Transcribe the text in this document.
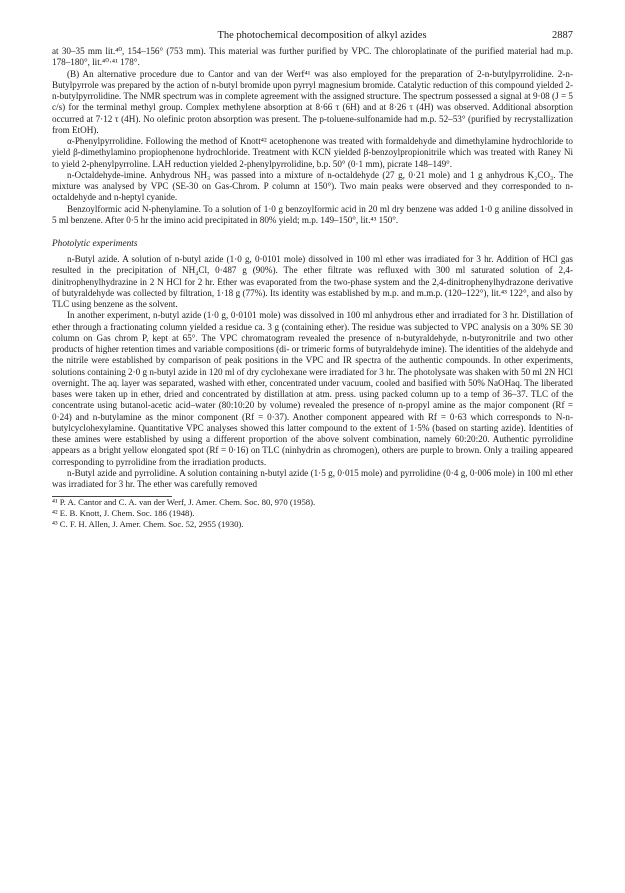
The photochemical decomposition of alkyl azides	2887

at 30–35 mm lit.⁴⁰, 154–156° (753 mm). This material was further purified by VPC. The chloroplatinate of the purified material had m.p. 178–180°, lit.⁴⁰·⁴¹ 178°.

(B) An alternative procedure due to Cantor and van der Werf⁴¹ was also employed for the preparation of 2-n-butylpyrrolidine. 2-n-Butylpyrrole was prepared by the action of n-butyl bromide upon pyrryl magnesium bromide. Catalytic reduction of this compound yielded 2-n-butylpyrrolidine. The NMR spectrum was in complete agreement with the assigned structure. The spectrum possessed a signal at 9·08 (J = 5 c/s) for the terminal methyl group. Complex methylene absorption at 8·66 τ (6H) and at 8·26 τ (4H) was observed. Additional absorption occurred at 7·12 τ (4H). No olefinic proton absorption was present. The p-toluene-sulfonamide had m.p. 52–53° (purified by recrystallization from EtOH).

α-Phenylpyrrolidine. Following the method of Knott⁴² acetophenone was treated with formaldehyde and dimethylamine hydrochloride to yield β-dimethylamino propiophenone hydrochloride. Treatment with KCN yielded β-benzoylpropionitrile which was treated with Raney Ni to yield 2-phenylpyrroline. LAH reduction yielded 2-phenylpyrrolidine, b.p. 50° (0·1 mm), picrate 148–149°.

n-Octaldehyde-imine. Anhydrous NH₃ was passed into a mixture of n-octaldehyde (27 g, 0·21 mole) and 1 g anhydrous K₂CO₃. The mixture was analysed by VPC (SE-30 on Gas-Chrom. P column at 150°). Two main peaks were observed and they corresponded to n-octaldehyde and n-heptyl cyanide.

Benzoylformic acid N-phenylamine. To a solution of 1·0 g benzoylformic acid in 20 ml dry benzene was added 1·0 g aniline dissolved in 5 ml benzene. After 0·5 hr the imino acid precipitated in 80% yield; m.p. 149–150°, lit.⁴³ 150°.

Photolytic experiments

n-Butyl azide. A solution of n-butyl azide (1·0 g, 0·0101 mole) dissolved in 100 ml ether was irradiated for 3 hr. Addition of HCl gas resulted in the precipitation of NH₄Cl, 0·487 g (90%). The ether filtrate was refluxed with 300 ml saturated solution of 2,4-dinitrophenylhydrazine in 2 N HCl for 2 hr. Ether was evaporated from the two-phase system and the 2,4-dinitrophenylhydrazone derivative of butyraldehyde was collected by filtration, 1·18 g (77%). Its identity was established by m.p. and m.m.p. (120–122°), lit.⁴³ 122°, and also by TLC using benzene as the solvent.

In another experiment, n-butyl azide (1·0 g, 0·0101 mole) was dissolved in 100 ml anhydrous ether and irradiated for 3 hr. Distillation of ether through a fractionating column yielded a residue ca. 3 g (containing ether). The residue was subjected to VPC analysis on a 30% SE 30 column on Gas chrom P, kept at 65°. The VPC chromatogram revealed the presence of n-butyraldehyde, n-butyronitrile and two other products of higher retention times and variable compositions (di- or trimeric forms of butyraldehyde imine). The identities of the aldehyde and the nitrile were established by comparison of peak positions in the VPC and IR spectra of the authentic compounds. In other experiments, solutions containing 2·0 g n-butyl azide in 120 ml of dry cyclohexane were irradiated for 3 hr. The photolysate was shaken with 50 ml 2N HCl overnight. The aq. layer was separated, washed with ether, concentrated under vacuum, cooled and basified with 50% NaOHaq. The liberated bases were taken up in ether, dried and concentrated by distillation at atm. press. using packed column up to a temp of 36–37. TLC of the concentrate using butanol-acetic acid–water (80:10:20 by volume) revealed the presence of n-propyl amine as the major component (Rf = 0·24) and n-butylamine as the minor component (Rf = 0·37). Another component appeared with Rf = 0·63 which corresponds to N-n-butylcyclohexylamine. Quantitative VPC analyses showed this latter compound to the extent of 1·5% (based on starting azide). Identities of these amines were established by using a different proportion of the above solvent combination, namely 60:20:20. Authentic pyrrolidine appears as a bright yellow elongated spot (Rf = 0·16) on TLC (ninhydrin as chromogen), others are purple to brown. Only a trailing appeared corresponding to pyrrolidine from the irradiation products.

n-Butyl azide and pyrrolidine. A solution containing n-butyl azide (1·5 g, 0·015 mole) and pyrrolidine (0·4 g, 0·006 mole) in 100 ml ether was irradiated for 3 hr. The ether was carefully removed

⁴¹ P. A. Cantor and C. A. van der Werf, J. Amer. Chem. Soc. 80, 970 (1958).

⁴² E. B. Knott, J. Chem. Soc. 186 (1948).

⁴³ C. F. H. Allen, J. Amer. Chem. Soc. 52, 2955 (1930).
